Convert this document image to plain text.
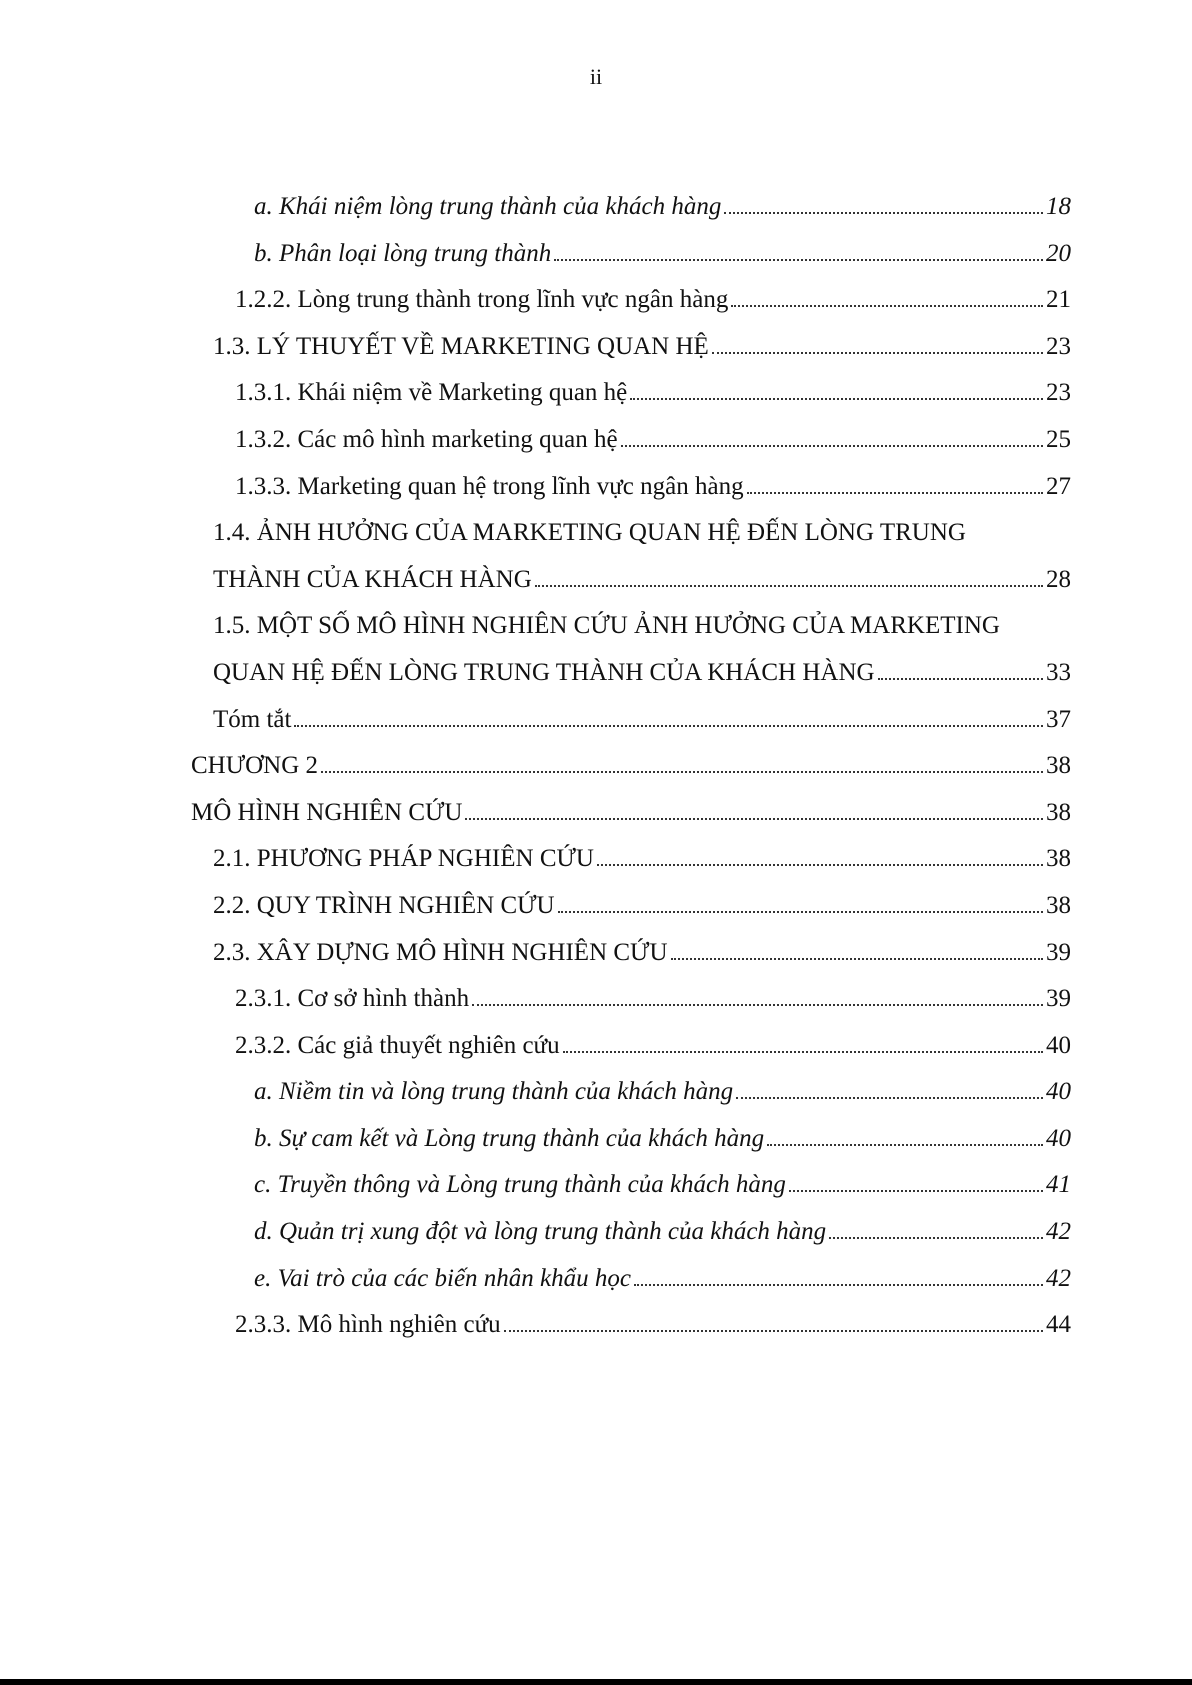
ii
a. Khái niệm lòng trung thành của khách hàng	18
b. Phân loại lòng trung thành	20
1.2.2. Lòng trung thành trong lĩnh vực ngân hàng	21
1.3. LÝ THUYẾT VỀ MARKETING QUAN HỆ	23
1.3.1. Khái niệm về Marketing quan hệ	23
1.3.2. Các mô hình marketing quan hệ	25
1.3.3. Marketing quan hệ trong lĩnh vực ngân hàng	27
1.4. ẢNH HƯỞNG CỦA MARKETING QUAN HỆ ĐẾN LÒNG TRUNG
THÀNH CỦA KHÁCH HÀNG	28
1.5. MỘT SỐ MÔ HÌNH NGHIÊN CỨU ẢNH HƯỞNG CỦA MARKETING
QUAN HỆ ĐẾN LÒNG TRUNG THÀNH CỦA KHÁCH HÀNG	33
Tóm tắt	37
CHƯƠNG 2	38
MÔ HÌNH NGHIÊN CỨU	38
2.1. PHƯƠNG PHÁP NGHIÊN CỨU	38
2.2. QUY TRÌNH NGHIÊN CỨU	38
2.3. XÂY DỰNG MÔ HÌNH NGHIÊN CỨU	39
2.3.1. Cơ sở hình thành	39
2.3.2. Các giả thuyết nghiên cứu	40
a. Niềm tin và lòng trung thành của khách hàng	40
b. Sự cam kết và Lòng trung thành của khách hàng	40
c. Truyền thông và Lòng trung thành của khách hàng	41
d. Quản trị xung đột và lòng trung thành của khách hàng	42
e. Vai trò của các biến nhân khẩu học	42
2.3.3. Mô hình nghiên cứu	44
